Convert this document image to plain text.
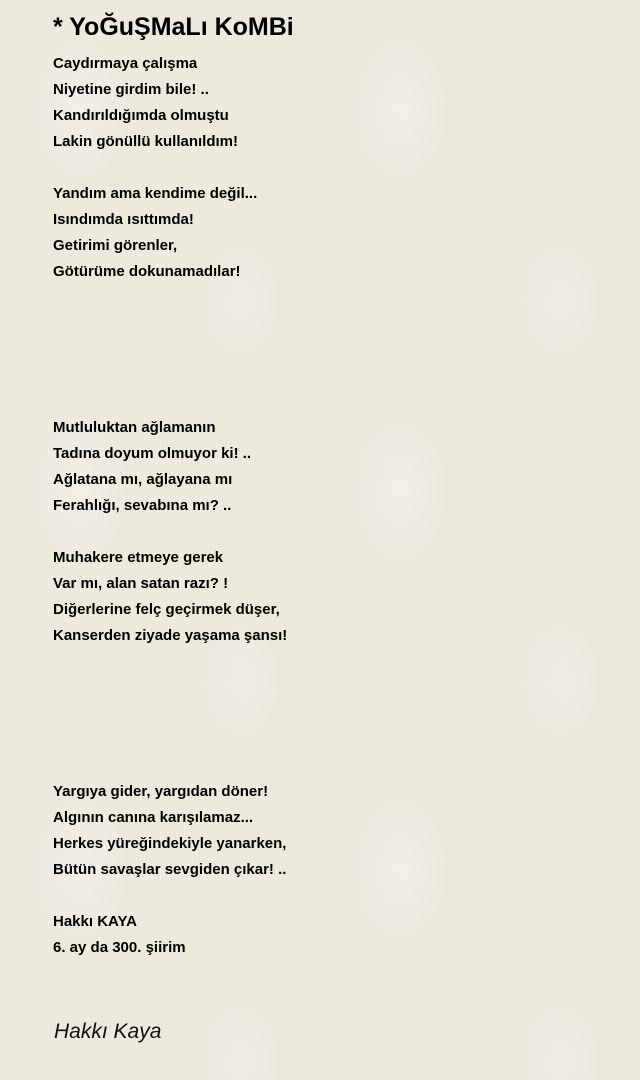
* YoĞuŞMaLı KoMBi
Caydırmaya çalışma
Niyetine girdim bile! ..
Kandırıldığımda olmuştu
Lakin gönüllü kullanıldım!
Yandım ama kendime değil...
Isındımda ısıttımda!
Getirimi görenler,
Götürüme dokunamadılar!
Mutluluktan ağlamanın
Tadına doyum olmuyor ki! ..
Ağlatana mı, ağlayana mı
Ferahlığı, sevabına mı? ..
Muhakere etmeye gerek
Var mı, alan satan razı? !
Diğerlerine felç geçirmek düşer,
Kanserden ziyade yaşama şansı!
Yargıya gider, yargıdan döner!
Algının canına karışılamaz...
Herkes yüreğindekiyle yanarken,
Bütün savaşlar sevgiden çıkar! ..
Hakkı KAYA
6. ay da 300. şiirim
Hakkı Kaya
